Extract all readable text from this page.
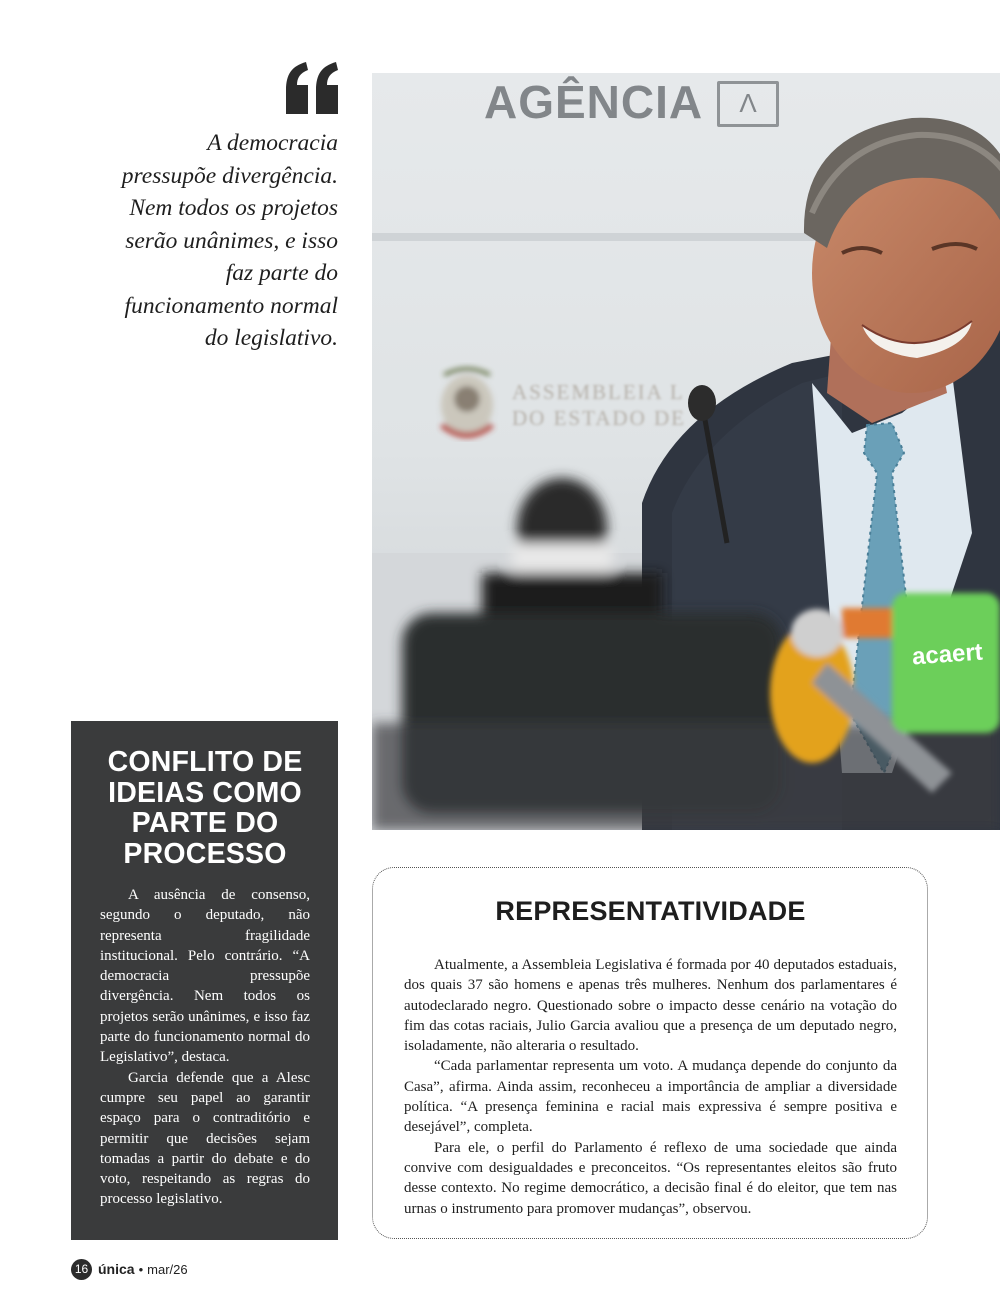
A democracia pressupõe divergência. Nem todos os projetos serão unânimes, e isso faz parte do funcionamento normal do legislativo.

AGÊNCIA	Λ
ASSEMBLEIA L
DO ESTADO DE
acaert
CONFLITO DE IDEIAS COMO PARTE DO PROCESSO

A ausência de consenso, segundo o deputado, não representa fragilidade institucional. Pelo contrário. “A democracia pressupõe divergência. Nem todos os projetos serão unânimes, e isso faz parte do funcionamento normal do Legislativo”, destaca.

Garcia defende que a Alesc cumpre seu papel ao garantir espaço para o contraditório e permitir que decisões sejam tomadas a partir do debate e do voto, respeitando as regras do processo legislativo.

REPRESENTATIVIDADE

Atualmente, a Assembleia Legislativa é formada por 40 deputados estaduais, dos quais 37 são homens e apenas três mulheres. Nenhum dos parlamentares é autodeclarado negro. Questionado sobre o impacto desse cenário na votação do fim das cotas raciais, Julio Garcia avaliou que a presença de um deputado negro, isoladamente, não alteraria o resultado.

“Cada parlamentar representa um voto. A mudança depende do conjunto da Casa”, afirma. Ainda assim, reconheceu a importância de ampliar a diversidade política. “A presença feminina e racial mais expressiva é sempre positiva e desejável”, completa.

Para ele, o perfil do Parlamento é reflexo de uma sociedade que ainda convive com desigualdades e preconceitos. “Os representantes eleitos são fruto desse contexto. No regime democrático, a decisão final é do eleitor, que tem nas urnas o instrumento para promover mudanças”, observou.

16 única • mar/26
